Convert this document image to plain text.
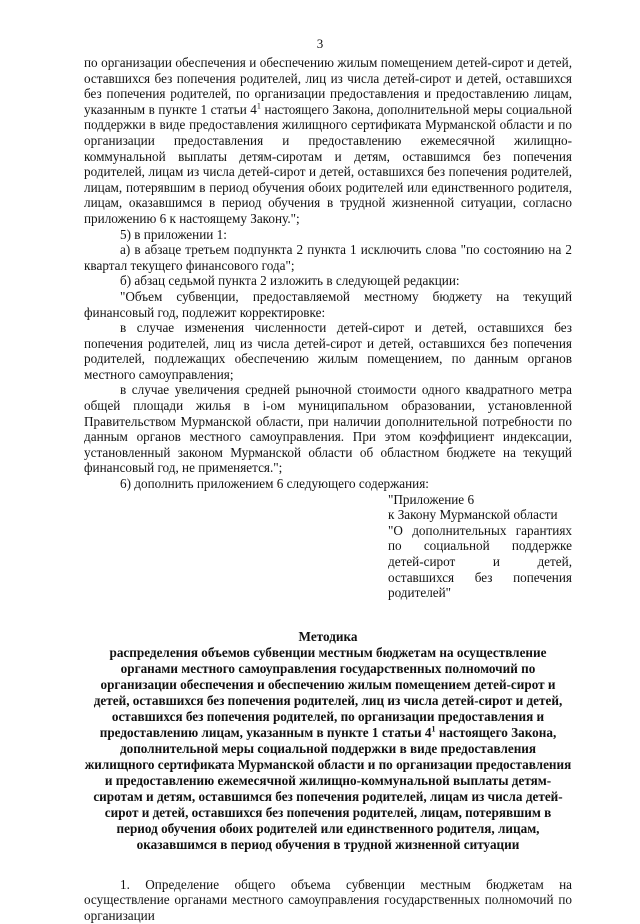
3

по организации обеспечения и обеспечению жилым помещением детей-сирот и детей, оставшихся без попечения родителей, лиц из числа детей-сирот и детей, оставшихся без попечения родителей, по организации предоставления и предоставлению лицам, указанным в пункте 1 статьи $4^1$ настоящего Закона, дополнительной меры социальной поддержки в виде предоставления жилищного сертификата Мурманской области и по организации предоставления и предоставлению ежемесячной жилищно-коммунальной выплаты детям-сиротам и детям, оставшимся без попечения родителей, лицам из числа детей-сирот и детей, оставшихся без попечения родителей, лицам, потерявшим в период обучения обоих родителей или единственного родителя, лицам, оказавшимся в период обучения в трудной жизненной ситуации, согласно приложению 6 к настоящему Закону.";

5) в приложении 1:

а) в абзаце третьем подпункта 2 пункта 1 исключить слова "по состоянию на 2 квартал текущего финансового года";

б) абзац седьмой пункта 2 изложить в следующей редакции:

"Объем субвенции, предоставляемой местному бюджету на текущий финансовый год, подлежит корректировке:

в случае изменения численности детей-сирот и детей, оставшихся без попечения родителей, лиц из числа детей-сирот и детей, оставшихся без попечения родителей, подлежащих обеспечению жилым помещением, по данным органов местного самоуправления;

в случае увеличения средней рыночной стоимости одного квадратного метра общей площади жилья в i-ом муниципальном образовании, установленной Правительством Мурманской области, при наличии дополнительной потребности по данным органов местного самоуправления. При этом коэффициент индексации, установленный законом Мурманской области об областном бюджете на текущий финансовый год, не применяется.";

6) дополнить приложением 6 следующего содержания:

"Приложение 6

к Закону Мурманской области

"О дополнительных гарантиях по социальной поддержке детей-сирот и детей, оставшихся без попечения родителей"

Методика

распределения объемов субвенции местным бюджетам на осуществление органами местного самоуправления государственных полномочий по организации обеспечения и обеспечению жилым помещением детей-сирот и детей, оставшихся без попечения родителей, лиц из числа детей-сирот и детей, оставшихся без попечения родителей, по организации предоставления и предоставлению лицам, указанным в пункте 1 статьи $4^1$ настоящего Закона, дополнительной меры социальной поддержки в виде предоставления жилищного сертификата Мурманской области и по организации предоставления и предоставлению ежемесячной жилищно-коммунальной выплаты детям-сиротам и детям, оставшимся без попечения родителей, лицам из числа детей-сирот и детей, оставшихся без попечения родителей, лицам, потерявшим в период обучения обоих родителей или единственного родителя, лицам, оказавшимся в период обучения в трудной жизненной ситуации

1. Определение общего объема субвенции местным бюджетам на осуществление органами местного самоуправления государственных полномочий по организации
